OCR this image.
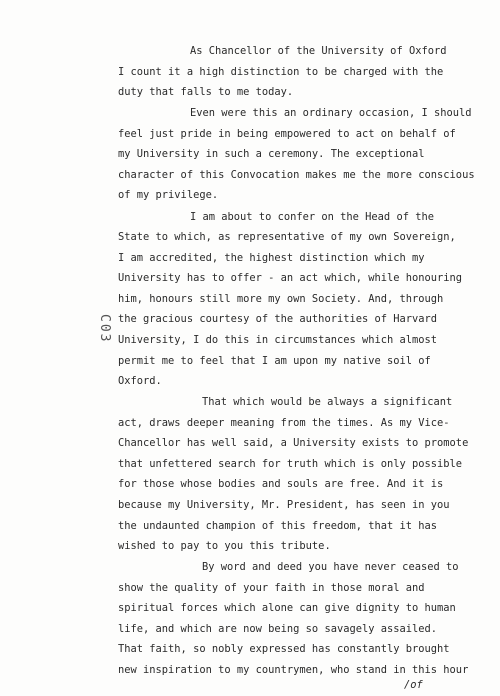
C03
/of
As Chancellor of the University of Oxford
I count it a high distinction to be charged with the
duty that falls to me today.
Even were this an ordinary occasion, I should
feel just pride in being empowered to act on behalf of
my University in such a ceremony. The exceptional
character of this Convocation makes me the more conscious
of my privilege.
I am about to confer on the Head of the
State to which, as representative of my own Sovereign,
I am accredited, the highest distinction which my
University has to offer - an act which, while honouring
him, honours still more my own Society. And, through
the gracious courtesy of the authorities of Harvard
University, I do this in circumstances which almost
permit me to feel that I am upon my native soil of
Oxford.
That which would be always a significant
act, draws deeper meaning from the times. As my Vice-
Chancellor has well said, a University exists to promote
that unfettered search for truth which is only possible
for those whose bodies and souls are free. And it is
because my University, Mr. President, has seen in you
the undaunted champion of this freedom, that it has
wished to pay to you this tribute.
By word and deed you have never ceased to
show the quality of your faith in those moral and
spiritual forces which alone can give dignity to human
life, and which are now being so savagely assailed.
That faith, so nobly expressed has constantly brought
new inspiration to my countrymen, who stand in this hour
